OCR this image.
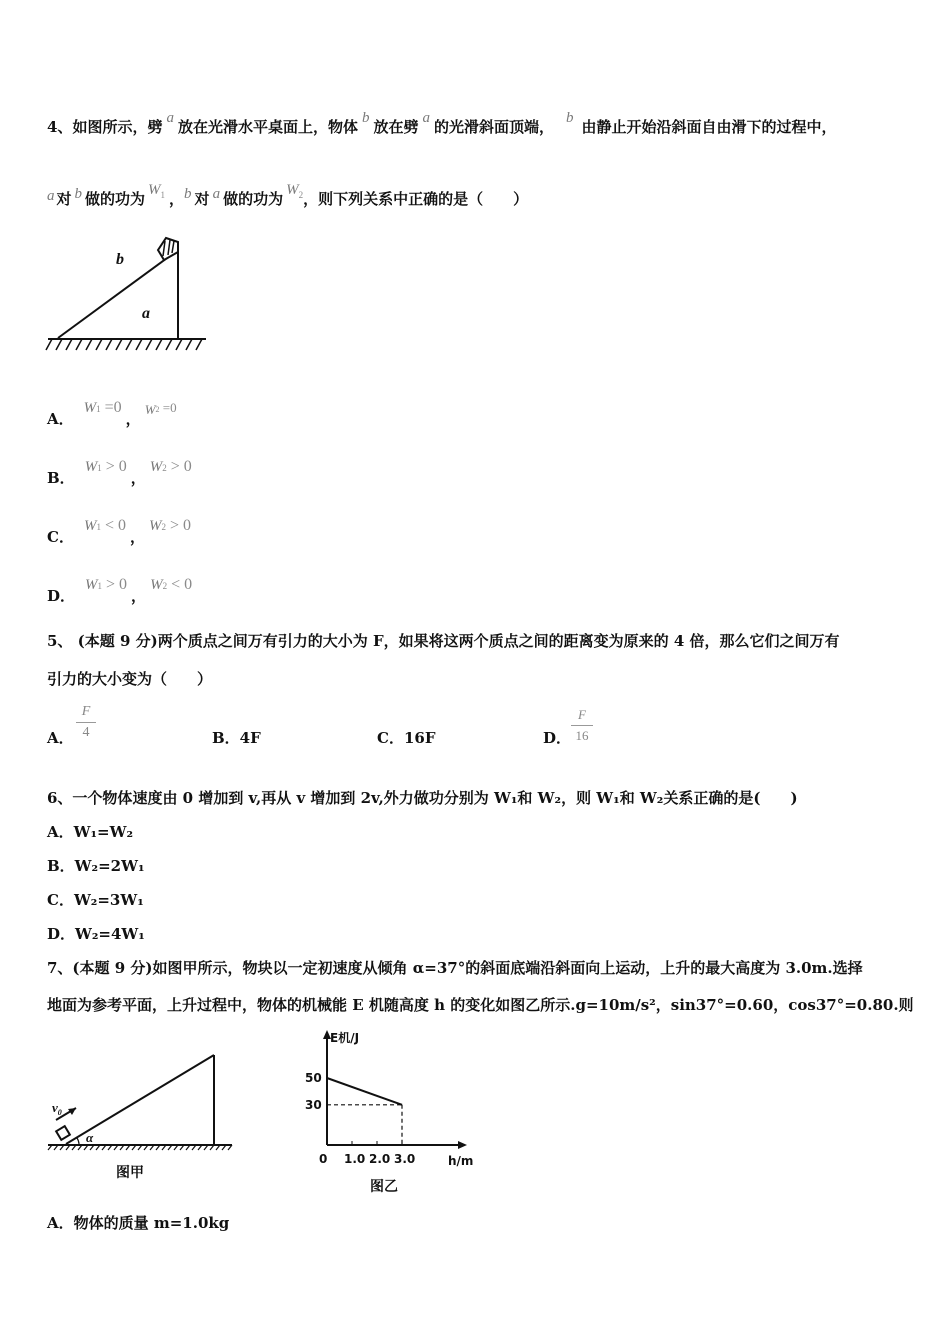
4、如图所示，劈 a 放在光滑水平桌面上，物体 b 放在劈 a 的光滑斜面顶端， b 由静止开始沿斜面自由滑下的过程中，
a 对 b 做的功为 $W^1$ ，b 对 a 做的功为 $W^2$，则下列关系中正确的是（　　）
b
a
A．W1 =0，W2 =0
B．W1 > 0，W2 > 0
C．W1 < 0，W2 > 0
D．W1 > 0，W2 < 0
5、 (本题 9 分)两个质点之间万有引力的大小为 F，如果将这两个质点之间的距离变为原来的 4 倍，那么它们之间万有
引力的大小变为（　　）
A．
F
4	B．4F	C．16F	D．
F
16
6、一个物体速度由 0 增加到 v,再从 v 增加到 2v,外力做功分别为 W₁和 W₂，则 W₁和 W₂关系正确的是(　　)
A．W₁=W₂
B．W₂=2W₁
C．W₂=3W₁
D．W₂=4W₁
7、(本题 9 分)如图甲所示，物块以一定初速度从倾角 α=37°的斜面底端沿斜面向上运动，上升的最大高度为 3.0m.选择
地面为参考平面，上升过程中，物体的机械能 E 机随高度 h 的变化如图乙所示.g=10m/s²，sin37°=0.60，cos37°=0.80.则
$v_0$
α
图甲
E机/J
h/m
图乙
0 1.0 2.0 3.0
50
30
A．物体的质量 m=1.0kg
